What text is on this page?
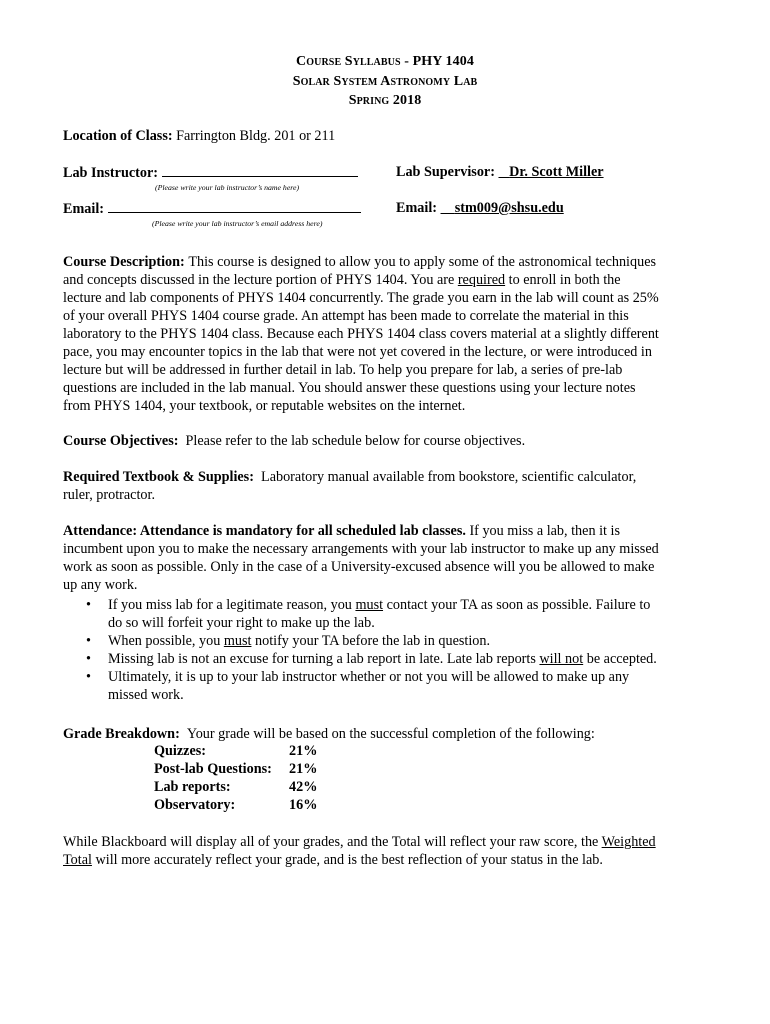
Course Syllabus - PHY 1404
Solar System Astronomy Lab
Spring 2018
Location of Class: Farrington Bldg. 201 or 211
Lab Instructor:
(Please write your lab instructor’s name here)
Lab Supervisor: Dr. Scott Miller
Email:
(Please write your lab instructor’s email address here)
Email: stm009@shsu.edu

Course Description: This course is designed to allow you to apply some of the astronomical techniques

and concepts discussed in the lecture portion of PHYS 1404. You are required to enroll in both the

lecture and lab components of PHYS 1404 concurrently. The grade you earn in the lab will count as 25%

of your overall PHYS 1404 course grade. An attempt has been made to correlate the material in this

laboratory to the PHYS 1404 class. Because each PHYS 1404 class covers material at a slightly different

pace, you may encounter topics in the lab that were not yet covered in the lecture, or were introduced in

lecture but will be addressed in further detail in lab. To help you prepare for lab, a series of pre-lab

questions are included in the lab manual. You should answer these questions using your lecture notes

from PHYS 1404, your textbook, or reputable websites on the internet.

Course Objectives: Please refer to the lab schedule below for course objectives.

Required Textbook & Supplies: Laboratory manual available from bookstore, scientific calculator,

ruler, protractor.

Attendance: Attendance is mandatory for all scheduled lab classes. If you miss a lab, then it is

incumbent upon you to make the necessary arrangements with your lab instructor to make up any missed

work as soon as possible. Only in the case of a University-excused absence will you be allowed to make

up any work.

• If you miss lab for a legitimate reason, you must contact your TA as soon as possible. Failure to
do so will forfeit your right to make up the lab.
• When possible, you must notify your TA before the lab in question.
• Missing lab is not an excuse for turning a lab report in late. Late lab reports will not be accepted.
• Ultimately, it is up to your lab instructor whether or not you will be allowed to make up any
missed work.

Grade Breakdown: Your grade will be based on the successful completion of the following:

Quizzes:	21%
Post-lab Questions: 21%
Lab reports:	42%
Observatory:	16%

While Blackboard will display all of your grades, and the Total will reflect your raw score, the Weighted

Total will more accurately reflect your grade, and is the best reflection of your status in the lab.
